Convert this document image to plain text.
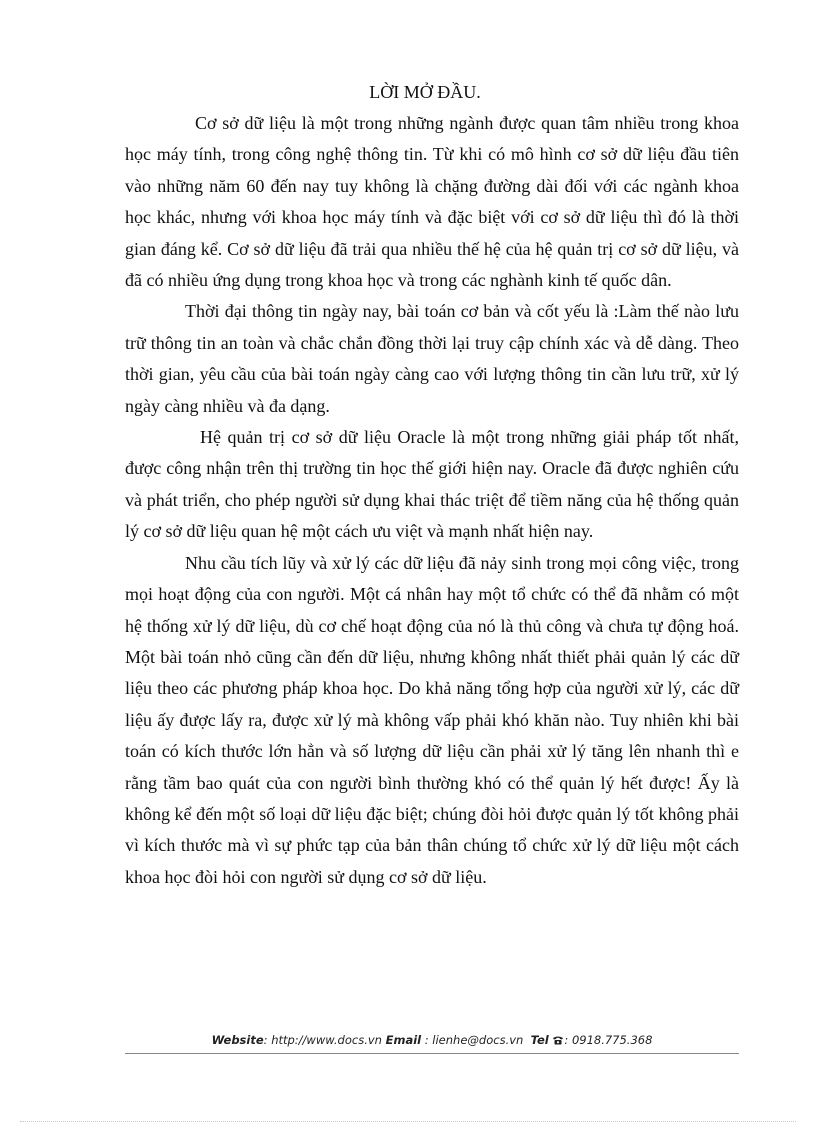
LỜI MỞ ĐẦU.

Cơ sở dữ liệu là một trong những ngành được quan tâm nhiều trong khoa học máy tính, trong công nghệ thông tin. Từ khi có mô hình cơ sở dữ liệu đầu tiên vào những năm 60 đến nay tuy không là chặng đường dài đối với các ngành khoa học khác, nhưng với khoa học máy tính và đặc biệt với cơ sở dữ liệu thì đó là thời gian đáng kể. Cơ sở dữ liệu đã trải qua nhiều thế hệ của hệ quản trị cơ sở dữ liệu, và đã có nhiều ứng dụng trong khoa học và trong các nghành kinh tế quốc dân.

Thời đại thông tin ngày nay, bài toán cơ bản và cốt yếu là :Làm thế nào lưu trữ thông tin an toàn và chắc chắn đồng thời lại truy cập chính xác và dễ dàng. Theo thời gian, yêu cầu của bài toán ngày càng cao với lượng thông tin cần lưu trữ, xử lý ngày càng nhiều và đa dạng.

Hệ quản trị cơ sở dữ liệu Oracle là một trong những giải pháp tốt nhất, được công nhận trên thị trường tin học thế giới hiện nay. Oracle đã được nghiên cứu và phát triển, cho phép người sử dụng khai thác triệt để tiềm năng của hệ thống quản lý cơ sở dữ liệu quan hệ một cách ưu việt và mạnh nhất hiện nay.

Nhu cầu tích lũy và xử lý các dữ liệu đã nảy sinh trong mọi công việc, trong mọi hoạt động của con người. Một cá nhân hay một tổ chức có thể đã nhằm có một hệ thống xử lý dữ liệu, dù cơ chế hoạt động của nó là thủ công và chưa tự động hoá. Một bài toán nhỏ cũng cần đến dữ liệu, nhưng không nhất thiết phải quản lý các dữ liệu theo các phương pháp khoa học. Do khả năng tổng hợp của người xử lý, các dữ liệu ấy được lấy ra, được xử lý mà không vấp phải khó khăn nào. Tuy nhiên khi bài toán có kích thước lớn hẳn và số lượng dữ liệu cần phải xử lý tăng lên nhanh thì e rằng tầm bao quát của con người bình thường khó có thể quản lý hết được! Ấy là không kể đến một số loại dữ liệu đặc biệt; chúng đòi hỏi được quản lý tốt không phải vì kích thước mà vì sự phức tạp của bản thân chúng tổ chức xử lý dữ liệu một cách khoa học đòi hỏi con người sử dụng cơ sở dữ liệu.

Website: http://www.docs.vn Email : lienhe@docs.vn Tel : 0918.775.368
